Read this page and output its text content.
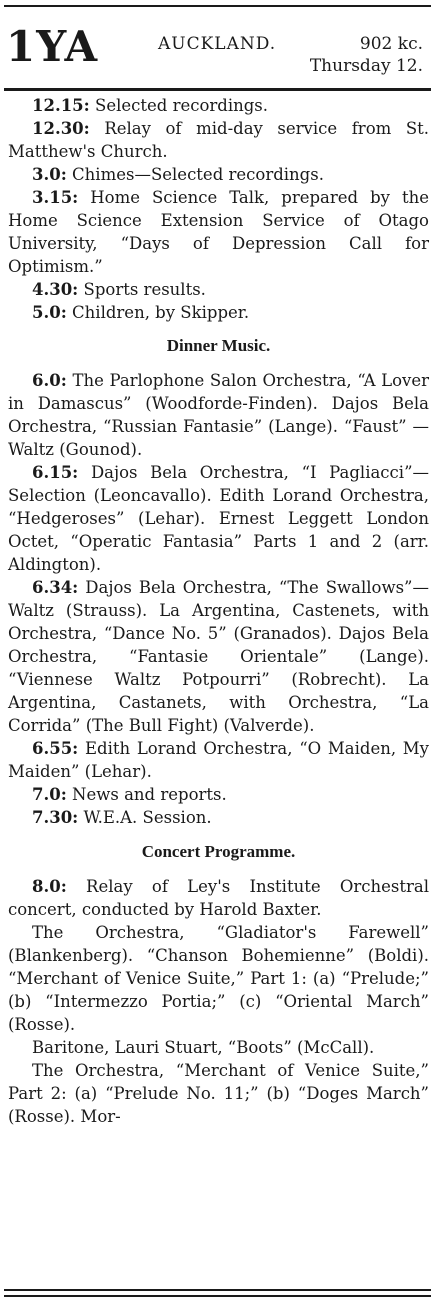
1YA	AUCKLAND.	902 kc.
Thursday 12.

12.15: Selected recordings.

12.30: Relay of mid-day service from St. Matthew's Church.

3.0: Chimes—Selected recordings.

3.15: Home Science Talk, prepared by the Home Science Extension Service of Otago University, “Days of Depression Call for Optimism.”

4.30: Sports results.

5.0: Children, by Skipper.

Dinner Music.

6.0: The Parlophone Salon Orchestra, “A Lover in Damascus” (Woodforde-Finden). Dajos Bela Orchestra, “Russian Fantasie” (Lange). “Faust” —Waltz (Gounod).

6.15: Dajos Bela Orchestra, “I Pagliacci”—Selection (Leoncavallo). Edith Lorand Orchestra, “Hedgeroses” (Lehar). Ernest Leggett London Octet, “Operatic Fantasia” Parts 1 and 2 (arr. Aldington).

6.34: Dajos Bela Orchestra, “The Swallows”—Waltz (Strauss). La Argentina, Castenets, with Orchestra, “Dance No. 5” (Granados). Dajos Bela Orchestra, “Fantasie Orientale” (Lange). “Viennese Waltz Potpourri” (Robrecht). La Argentina, Castanets, with Orchestra, “La Corrida” (The Bull Fight) (Valverde).

6.55: Edith Lorand Orchestra, “O Maiden, My Maiden” (Lehar).

7.0: News and reports.

7.30: W.E.A. Session.

Concert Programme.

8.0: Relay of Ley's Institute Orchestral concert, conducted by Harold Baxter.

The Orchestra, “Gladiator's Farewell” (Blankenberg). “Chanson Bohemienne” (Boldi). “Merchant of Venice Suite,” Part 1: (a) “Prelude;” (b) “Intermezzo Portia;” (c) “Oriental March” (Rosse).

Baritone, Lauri Stuart, “Boots” (McCall).

The Orchestra, “Merchant of Venice Suite,” Part 2: (a) “Prelude No. 11;” (b) “Doges March” (Rosse). Mor-
